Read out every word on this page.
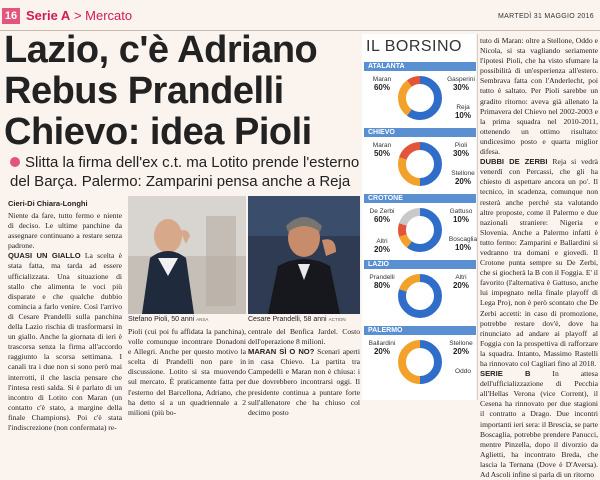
16 Serie A > Mercato	MARTEDÌ 31 MAGGIO 2016
Lazio, c'è Adriano
Rebus Prandelli
Chievo: idea Pioli
Slitta la firma dell'ex c.t. ma Lotito prende l'esterno del Barça. Palermo: Zamparini pensa anche a Reja
Cieri-Di Chiara-Longhi
Niente da fare, tutto fermo e niente di deciso. Le ultime panchine da assegnare continuano a restare senza padrone.
QUASI UN GIALLO La scelta è stata fatta, ma tarda ad essere ufficializzata. Una situazione di stallo che alimenta le voci più disparate e che qualche dubbio comincia a farlo venire. Così l'arrivo di Cesare Prandelli sulla panchina della Lazio rischia di trasformarsi in un giallo. Anche la giornata di ieri è trascorsa senza la firma all'accordo raggiunto la scorsa settimana. I canali tra i due non si sono però mai interrotti, il che lascia pensare che l'intesa resti salda. Si è parlato di un incontro di Lotito con Maran (un contatto c'è stato, a margine della finale Champions). Poi c'è stata l'indiscrezione (non confermata) re-
Stefano Pioli, 50 anni ANSA	Cesare Prandelli, 58 anni ACTION
Pioli (cui poi fu affidata la panchina), volle comunque incontrare Donadoni e Allegri. Anche per questo motivo la scelta di Prandelli non pare in discussione. Lotito si sta muovendo sul mercato. È praticamente fatta per l'esterno del Barcellona, Adriano, che ha detto sì a un quadriennale a 2 milioni (più bo-
centrale del Benfica Jardel. Costo dell'operazione 8 milioni.
MARAN SÌ O NO? Scenari aperti in casa Chievo. La partita tra Campedelli e Maran non è chiusa: i due dovrebbero incontrarsi oggi. Il presidente continua a puntare forte sull'allenatore che ha chiuso col decimo posto
IL BORSINO
ATALANTA
Maran
60%
Gasperini
30%
Reja
10%
CHIEVO
Maran
50%
Pioli
30%
Stellone
20%
CROTONE
De Zerbi
60%
Gattuso
10%
Boscaglia
10%
Altri
20%
LAZIO
Prandelli
80%
Altri
20%
PALERMO
Ballardini
20%
Stellone
20%
Oddo
tuto di Maran: oltre a Stellone, Oddo e Nicola, si sta vagliando seriamente l'ipotesi Pioli, che ha visto sfumare la possibilità di un'esperienza all'estero. Sembrava fatta con l'Anderlecht, poi tutto è saltato. Per Pioli sarebbe un gradito ritorno: aveva già allenato la Primavera del Chievo nel 2002-2003 e la prima squadra nel 2010-2011, ottenendo un ottimo risultato: undicesimo posto e quarta miglior difesa.
DUBBI DE ZERBI Reja si vedrà venerdì con Percassi, che gli ha chiesto di aspettare ancora un po'. Il tecnico, in scadenza, comunque non resterà anche perché sta valutando altre proposte, come il Palermo e due nazionali straniere: Nigeria e Slovenia. Anche a Palermo infatti è tutto fermo: Zamparini e Ballardini si vedranno tra domani e giovedì. Il Crotone punta sempre su De Zerbi, che si giocherà la B con il Foggia. E' il favorito (l'alternativa è Gattuso, anche lui impegnato nella finale playoff di Lega Pro), non è però scontato che De Zerbi accetti: in caso di promozione, potrebbe restare dov'è, dove ha rinunciato ad andare ai playoff al Foggia con la prospettiva di rafforzare la squadra. Intanto, Massimo Rastelli ha rinnovato col Cagliari fino al 2018.
SERIE B	In attesa dell'ufficializzazione di Pecchia all'Hellas Verona (vice Corrent), il Cesena ha rinnovato per due stagioni il contratto a Drago. Due incontri importanti ieri sera: il Brescia, se parte Boscaglia, potrebbe prendere Panucci, mentre Pinzella, dopo il divorzio da Aglietti, ha incontrato Breda, che lascia la Ternana (Dove è D'Aversa). Ad Ascoli infine si parla di un ritorno
